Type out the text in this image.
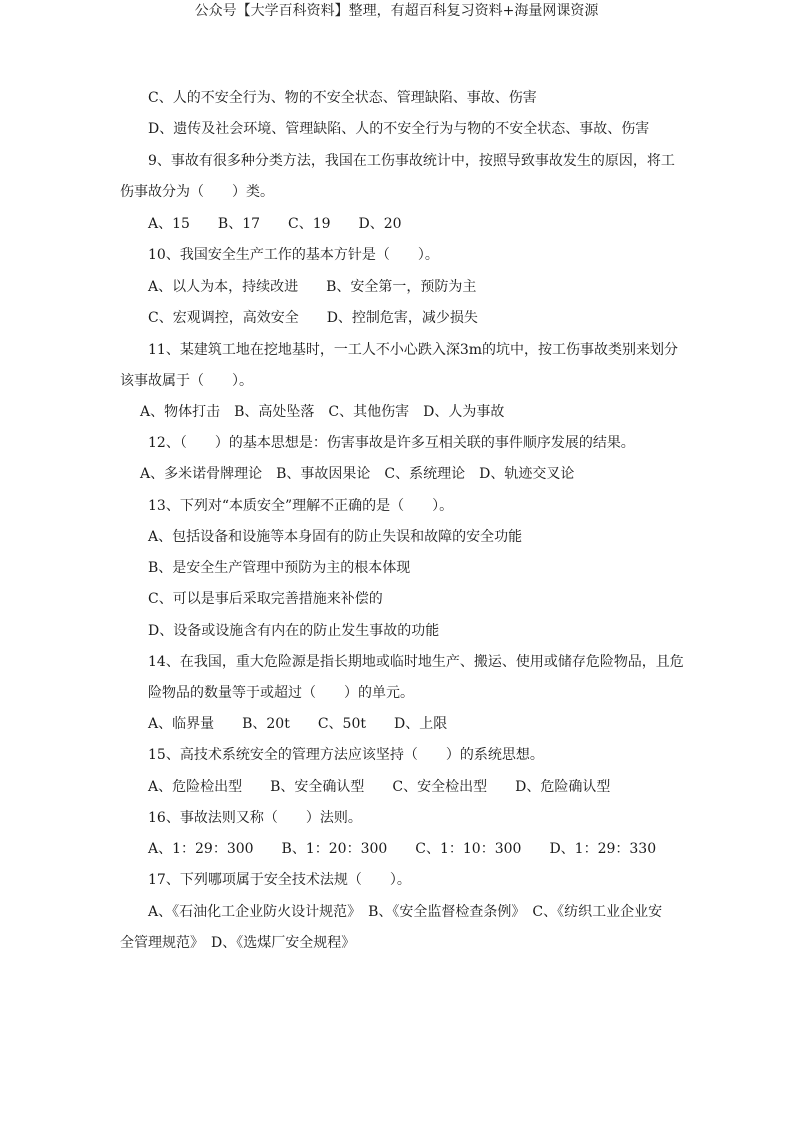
公众号【大学百科资料】整理，有超百科复习资料+海量网课资源
C、人的不安全行为、物的不安全状态、管理缺陷、事故、伤害
D、遗传及社会环境、管理缺陷、人的不安全行为与物的不安全状态、事故、伤害
9、事故有很多种分类方法，我国在工伤事故统计中，按照导致事故发生的原因，将工
伤事故分为（　　）类。
A、15　　B、17　　C、19　　D、20
10、我国安全生产工作的基本方针是（　　）。
A、以人为本，持续改进　　B、安全第一，预防为主
C、宏观调控，高效安全　　D、控制危害，减少损失
11、某建筑工地在挖地基时，一工人不小心跌入深3m的坑中，按工伤事故类别来划分
该事故属于（　　）。
A、物体打击　B、高处坠落　C、其他伤害　D、人为事故
12、（　　）的基本思想是：伤害事故是许多互相关联的事件顺序发展的结果。
A、多米诺骨牌理论　B、事故因果论　C、系统理论　D、轨迹交叉论
13、下列对“本质安全”理解不正确的是（　　）。
A、包括设备和设施等本身固有的防止失误和故障的安全功能
B、是安全生产管理中预防为主的根本体现
C、可以是事后采取完善措施来补偿的
D、设备或设施含有内在的防止发生事故的功能
14、在我国，重大危险源是指长期地或临时地生产、搬运、使用或储存危险物品，且危
险物品的数量等于或超过（　　）的单元。
A、临界量　　B、20t　　C、50t　　D、上限
15、高技术系统安全的管理方法应该坚持（　　）的系统思想。
A、危险检出型　　B、安全确认型　　C、安全检出型　　D、危险确认型
16、事故法则又称（　　）法则。
A、1：29：300　　B、1：20：300　　C、1：10：300　　D、1：29：330
17、下列哪项属于安全技术法规（　　）。
A、《石油化工企业防火设计规范》　B、《安全监督检查条例》　C、《纺织工业企业安
全管理规范》　D、《选煤厂安全规程》
